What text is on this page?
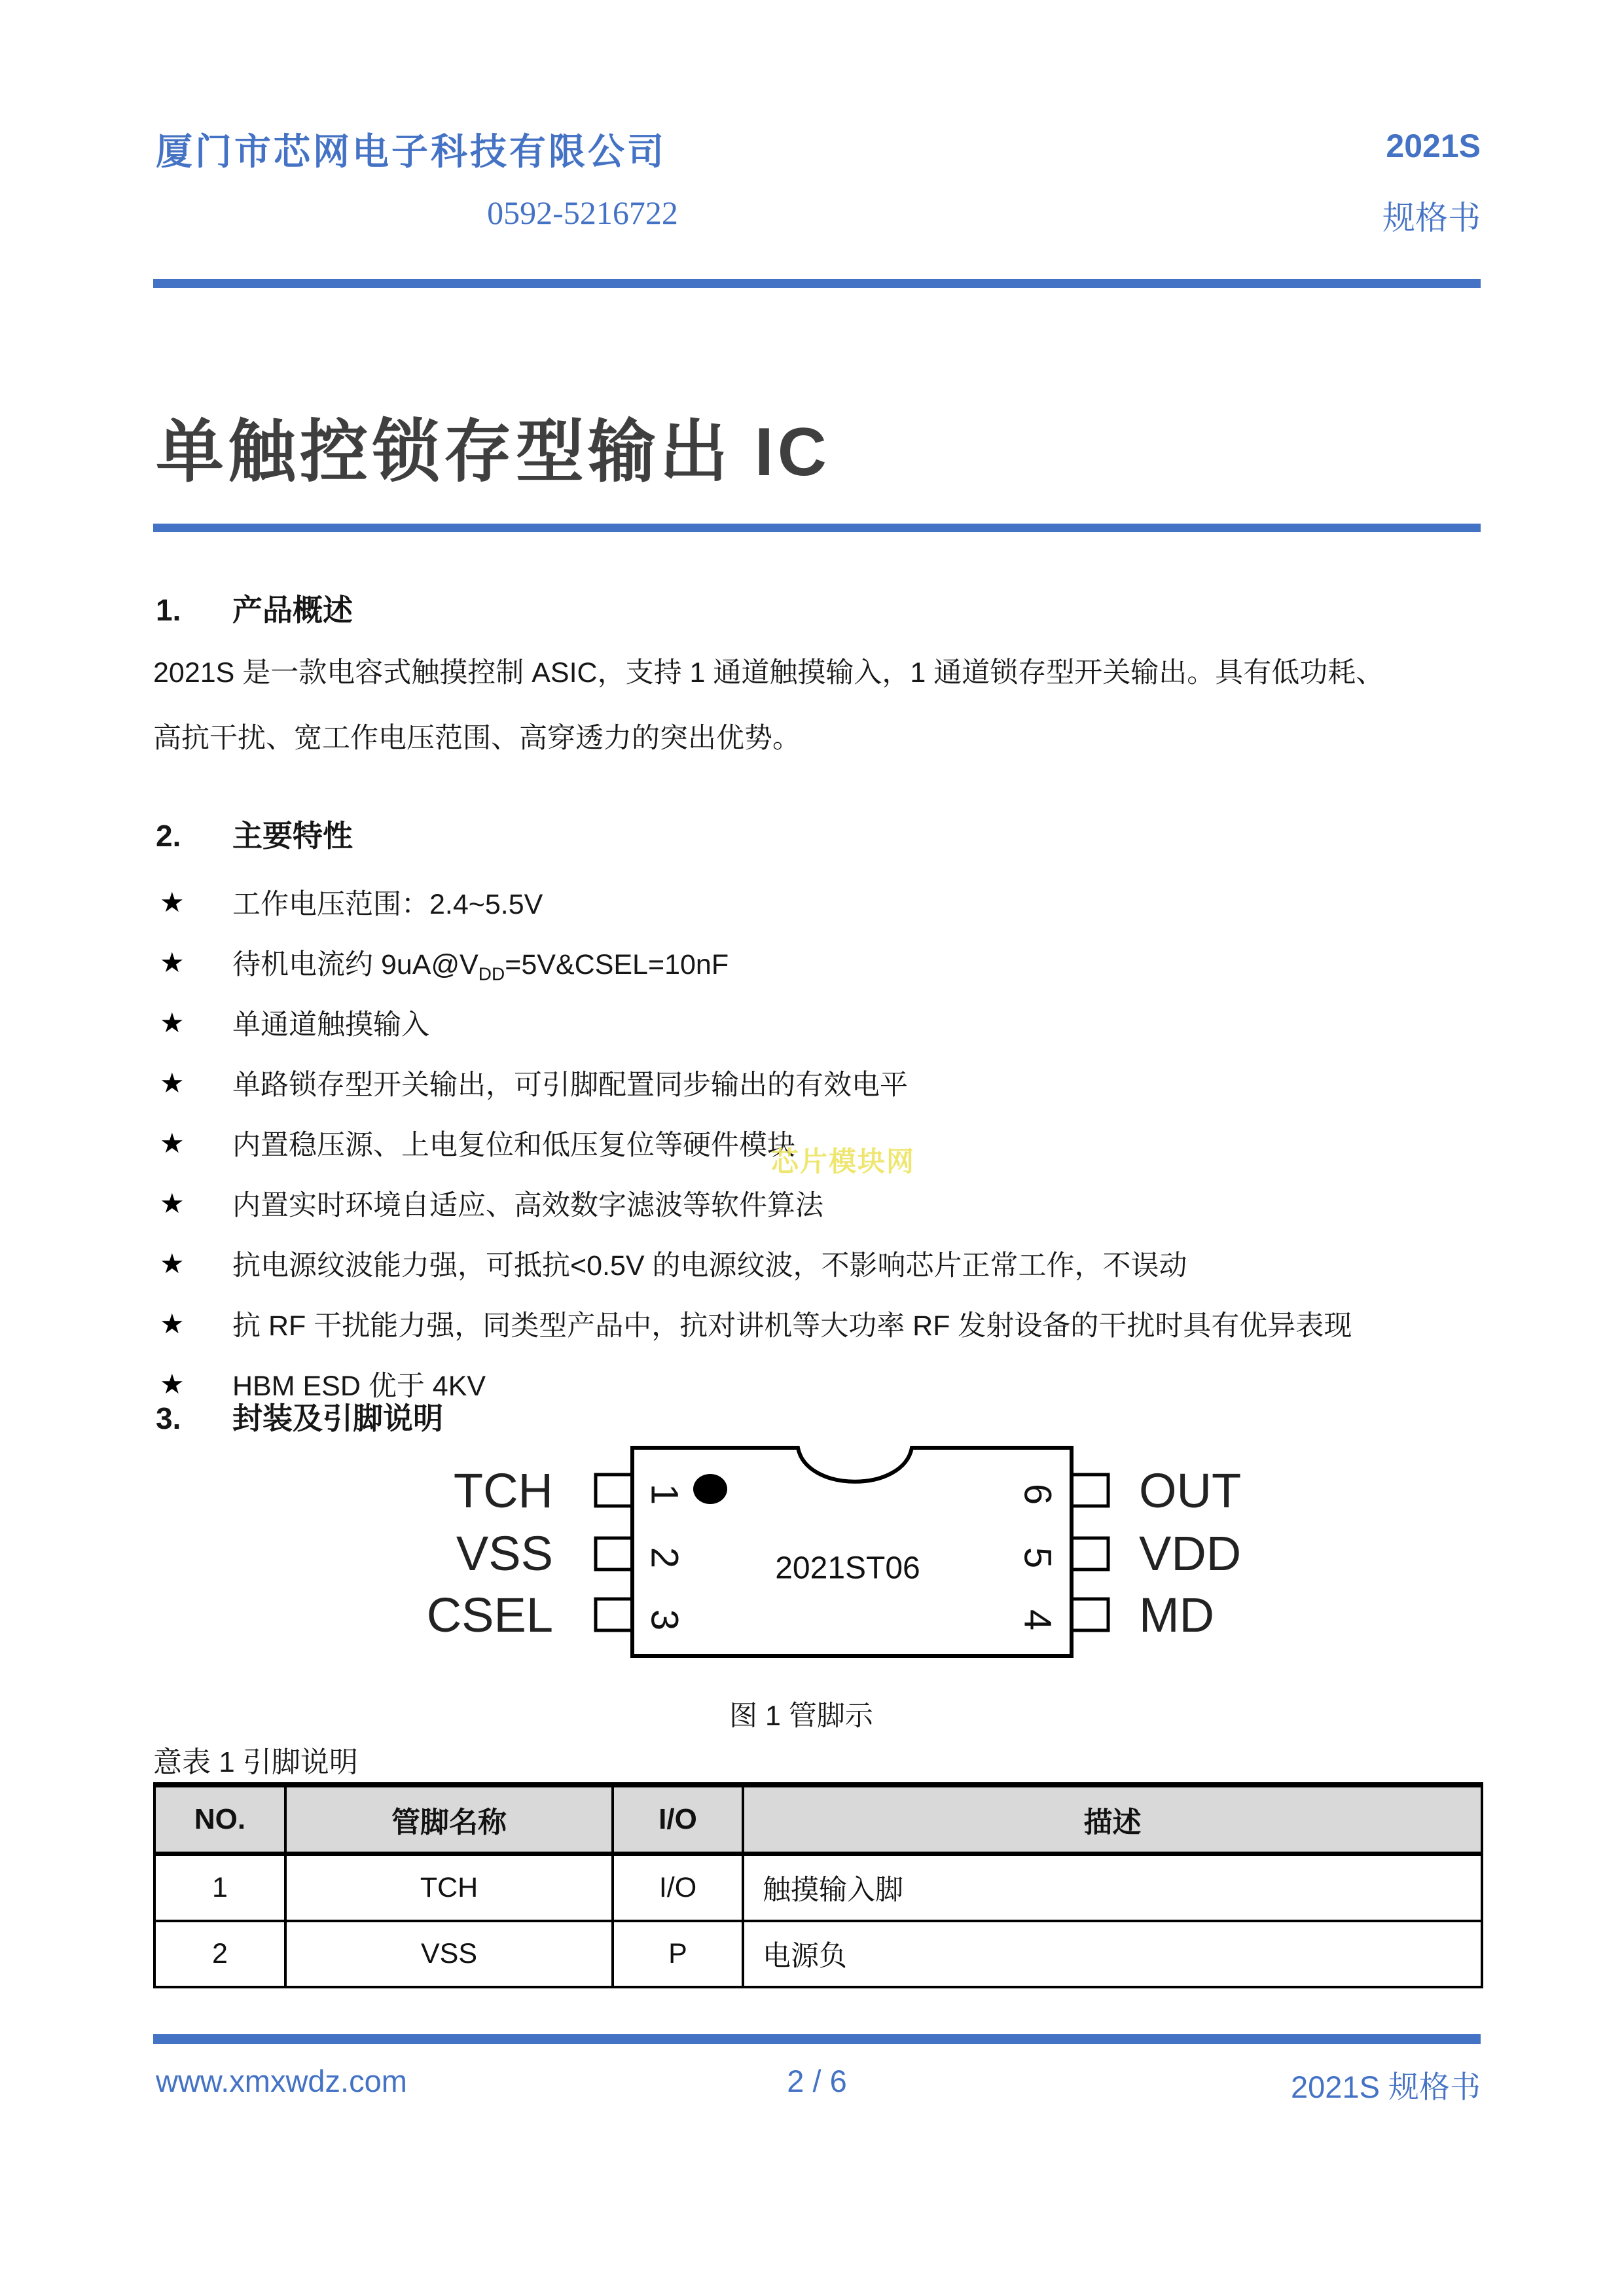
厦门市芯网电子科技有限公司
0592-5216722
2021S
规格书
单触控锁存型输出 IC
1. 产品概述
2021S 是一款电容式触摸控制 ASIC，支持 1 通道触摸输入，1 通道锁存型开关输出。具有低功耗、
高抗干扰、宽工作电压范围、高穿透力的突出优势。
2. 主要特性
★	工作电压范围：2.4~5.5V
★	待机电流约 $9uA@V_{DD}=5V\&CSEL=10nF$
★	单通道触摸输入
★	单路锁存型开关输出，可引脚配置同步输出的有效电平
★	内置稳压源、上电复位和低压复位等硬件模块
★	内置实时环境自适应、高效数字滤波等软件算法
★	抗电源纹波能力强，可抵抗<0.5V 的电源纹波，不影响芯片正常工作，不误动
★	抗 RF 干扰能力强，同类型产品中，抗对讲机等大功率 RF 发射设备的干扰时具有优异表现
★	HBM ESD 优于 4KV
芯片模块网
3. 封装及引脚说明
TCH
VSS
CSEL
OUT
VDD
MD
1
2
3
6
5
4
2021ST06
图 1 管脚示
意表 1 引脚说明
NO.	管脚名称	I/O	描述
1	TCH	I/O	触摸输入脚
2	VSS	P	电源负
www.xmxwdz.com	2 / 6	2021S 规格书
